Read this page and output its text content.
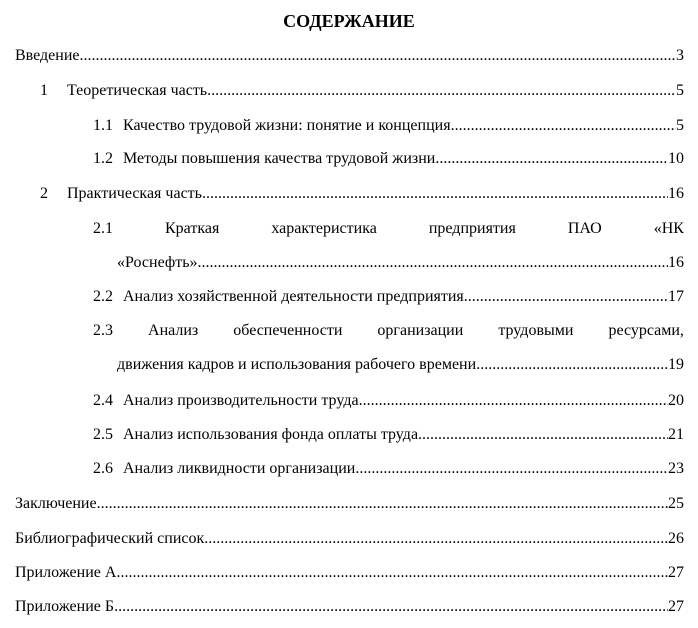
СОДЕРЖАНИЕ
Введение .....	3
1	Теоретическая часть .....	5
1.1 Качество трудовой жизни: понятие и концепция .....	5
1.2 Методы повышения качества трудовой жизни .....	10
2	Практическая часть .....	16
2.1	Краткая	характеристика	предприятия	ПАО	«НК
«Роснефть» .....	16
2.2 Анализ хозяйственной деятельности предприятия .....	17
2.3 Анализ обеспеченности организации трудовыми ресурсами,
движения кадров и использования рабочего времени .....	19
2.4 Анализ производительности труда .....	20
2.5 Анализ использования фонда оплаты труда .....	21
2.6 Анализ ликвидности организации .....	23
Заключение .....	25
Библиографический список .....	26
Приложение А .....	27
Приложение Б .....	27
